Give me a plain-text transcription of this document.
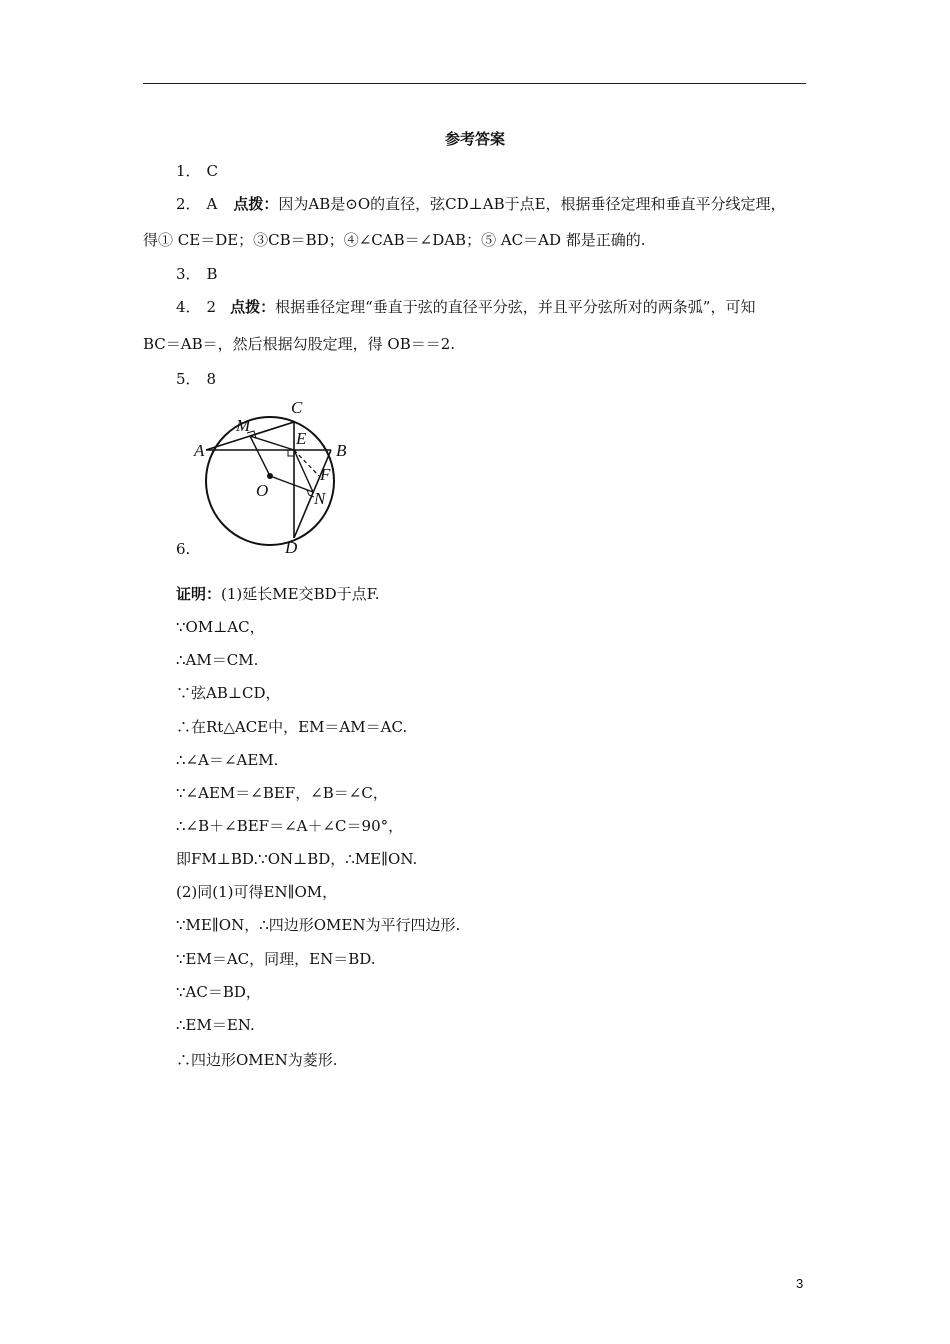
参考答案
1． C
2． A 点拨：因为AB是⊙O的直径，弦CD⊥AB于点E，根据垂径定理和垂直平分线定理，
得① CE＝DE；③CB＝BD；④∠CAB＝∠DAB；⑤ AC＝AD 都是正确的.
3． B
4． 2 点拨：根据垂径定理“垂直于弦的直径平分弦，并且平分弦所对的两条弧”，可知
BC＝AB＝，然后根据勾股定理，得 OB＝＝2.
5． 8
A	B
C
D
E
F
M
N
O
6.
证明：(1)延长ME交BD于点F.
∵OM⊥AC，
∴AM＝CM.
∵弦AB⊥CD，
∴在Rt△ACE中，EM＝AM＝AC.
∴∠A＝∠AEM.
∵∠AEM＝∠BEF，∠B＝∠C，
∴∠B＋∠BEF＝∠A＋∠C＝90°，
即FM⊥BD.∵ON⊥BD，∴ME∥ON.
(2)同(1)可得EN∥OM，
∵ME∥ON，∴四边形OMEN为平行四边形.
∵EM＝AC，同理，EN＝BD.
∵AC＝BD，
∴EM＝EN.
∴四边形OMEN为菱形.
3
